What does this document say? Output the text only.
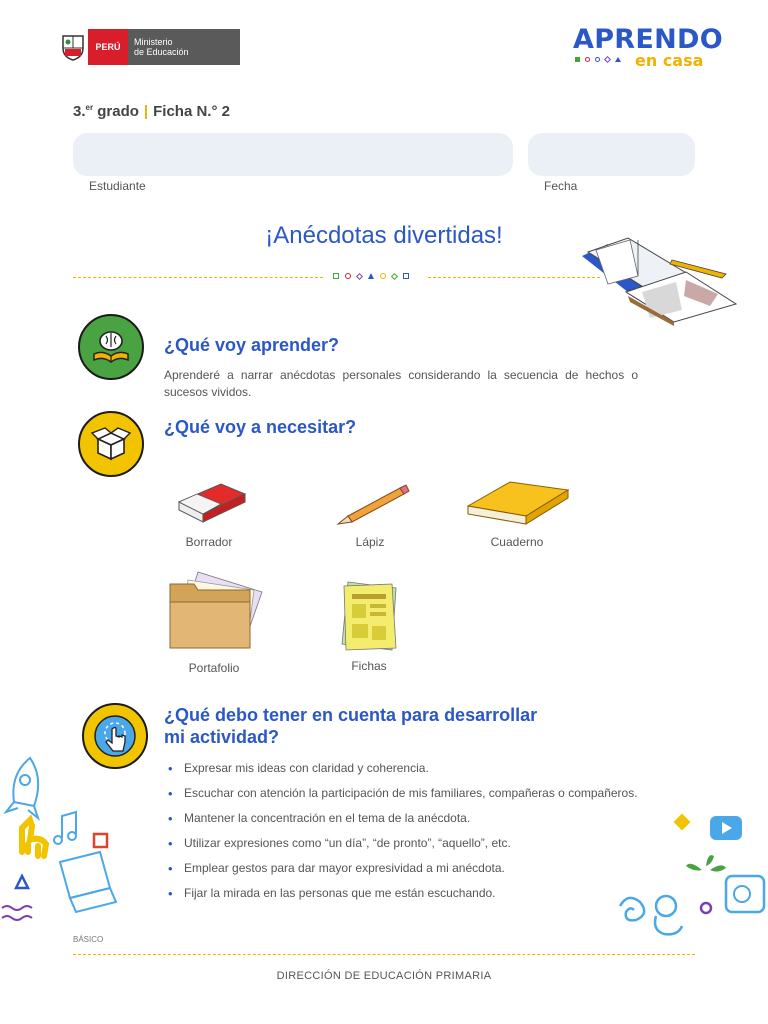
PERÚ	Ministerio
de Educación	APRENDO
en casa
3.$^{er}$ grado | Ficha N.° 2
Estudiante	Fecha
¡Anécdotas divertidas!
¿Qué voy aprender?
Aprenderé a narrar anécdotas personales considerando la secuencia de hechos o sucesos vividos.
¿Qué voy a necesitar?
Borrador	Lápiz	Cuaderno
Portafolio	Fichas
¿Qué debo tener en cuenta para desarrollar
mi actividad?
• Expresar mis ideas con claridad y coherencia.
• Escuchar con atención la participación de mis familiares, compañeras o compañeros.
• Mantener la concentración en el tema de la anécdota.
• Utilizar expresiones como “un día”, “de pronto”, “aquello”, etc.
• Emplear gestos para dar mayor expresividad a mi anécdota.
• Fijar la mirada en las personas que me están escuchando.
BÁSICO
DIRECCIÓN DE EDUCACIÓN PRIMARIA
